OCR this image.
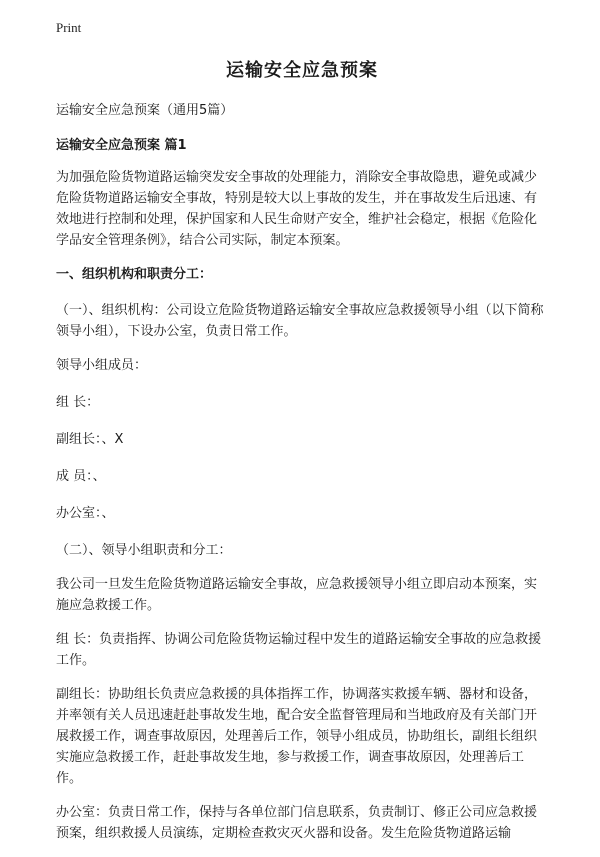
Print
运输安全应急预案

运输安全应急预案（通用5篇）

运输安全应急预案 篇1

为加强危险货物道路运输突发安全事故的处理能力，消除安全事故隐患，避免或减少危险货物道路运输安全事故，特别是较大以上事故的发生，并在事故发生后迅速、有效地进行控制和处理，保护国家和人民生命财产安全，维护社会稳定，根据《危险化学品安全管理条例》，结合公司实际，制定本预案。

一、组织机构和职责分工：

（一）、组织机构：公司设立危险货物道路运输安全事故应急救援领导小组（以下简称领导小组），下设办公室，负责日常工作。

领导小组成员：

组 长：

副组长：、X

成 员：、

办公室：、

（二）、领导小组职责和分工：

我公司一旦发生危险货物道路运输安全事故，应急救援领导小组立即启动本预案，实施应急救援工作。

组 长：负责指挥、协调公司危险货物运输过程中发生的道路运输安全事故的应急救援工作。

副组长：协助组长负责应急救援的具体指挥工作，协调落实救援车辆、器材和设备，并率领有关人员迅速赶赴事故发生地，配合安全监督管理局和当地政府及有关部门开展救援工作，调查事故原因，处理善后工作，领导小组成员，协助组长，副组长组织实施应急救援工作，赶赴事故发生地，参与救援工作，调查事故原因，处理善后工作。

办公室：负责日常工作，保持与各单位部门信息联系，负责制订、修正公司应急救援预案，组织救援人员演练，定期检查救灾灭火器和设备。发生危险货物道路运输
